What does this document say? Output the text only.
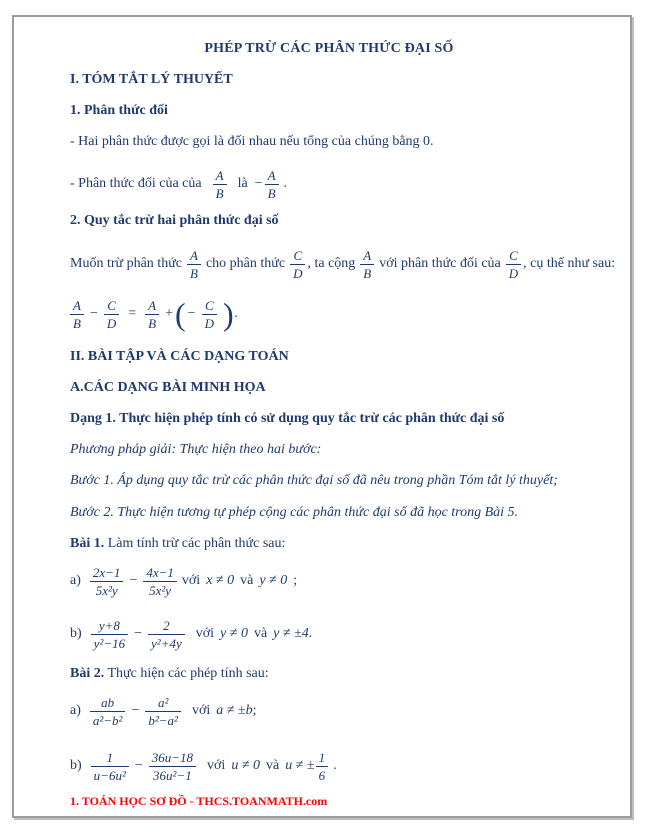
PHÉP TRỪ CÁC PHÂN THỨC ĐẠI SỐ

I. TÓM TẮT LÝ THUYẾT

1. Phân thức đối

- Hai phân thức được gọi là đối nhau nếu tổng của chúng bằng 0.

- Phân thức đối của của $\frac{A}{B}$ là − $\frac{A}{B}$ .

2. Quy tắc trừ hai phân thức đại số

Muốn trừ phân thức $\frac{A}{B}$ cho phân thức $\frac{C}{D}$ , ta cộng $\frac{A}{B}$ với phân thức đối của $\frac{C}{D}$ , cụ thể như sau:
$\frac{A}{B} - \frac{C}{D} = \frac{A}{B}$ + ( − $\frac{C}{D}$ ) .

II. BÀI TẬP VÀ CÁC DẠNG TOÁN

A.CÁC DẠNG BÀI MINH HỌA

Dạng 1. Thực hiện phép tính có sử dụng quy tắc trừ các phân thức đại số

Phương pháp giải: Thực hiện theo hai bước:

Bước 1. Áp dụng quy tắc trừ các phân thức đại số đã nêu trong phần Tóm tắt lý thuyết;

Bước 2. Thực hiện tương tự phép cộng các phân thức đại số đã học trong Bài 5.

Bài 1. Làm tính trừ các phân thức sau:

$a) \frac{2x-1}{\text{5x²y}} - \frac{4x-1}{\text{5x²y}}$ với x ≠ 0 và y ≠ 0 ;
$b) \frac{y+8}{\text{y²−16}} - \frac{2}{\text{y²+4y}}$ với y ≠ 0 và y ≠ ±4 .

Bài 2. Thực hiện các phép tính sau:

$a) \frac{ab}{\text{a²−b²}} - \frac{\text{a²}}{\text{b²−a²}}$ với a ≠ ±b ;
$b) \frac{1}{\text{u−6u²}} - \frac{36u-18}{\text{36u²−1}}$ với u ≠ 0 và u ≠ ± $\frac{1}{6}$ .
1. TOÁN HỌC SƠ ĐỒ - THCS.TOANMATH.com
